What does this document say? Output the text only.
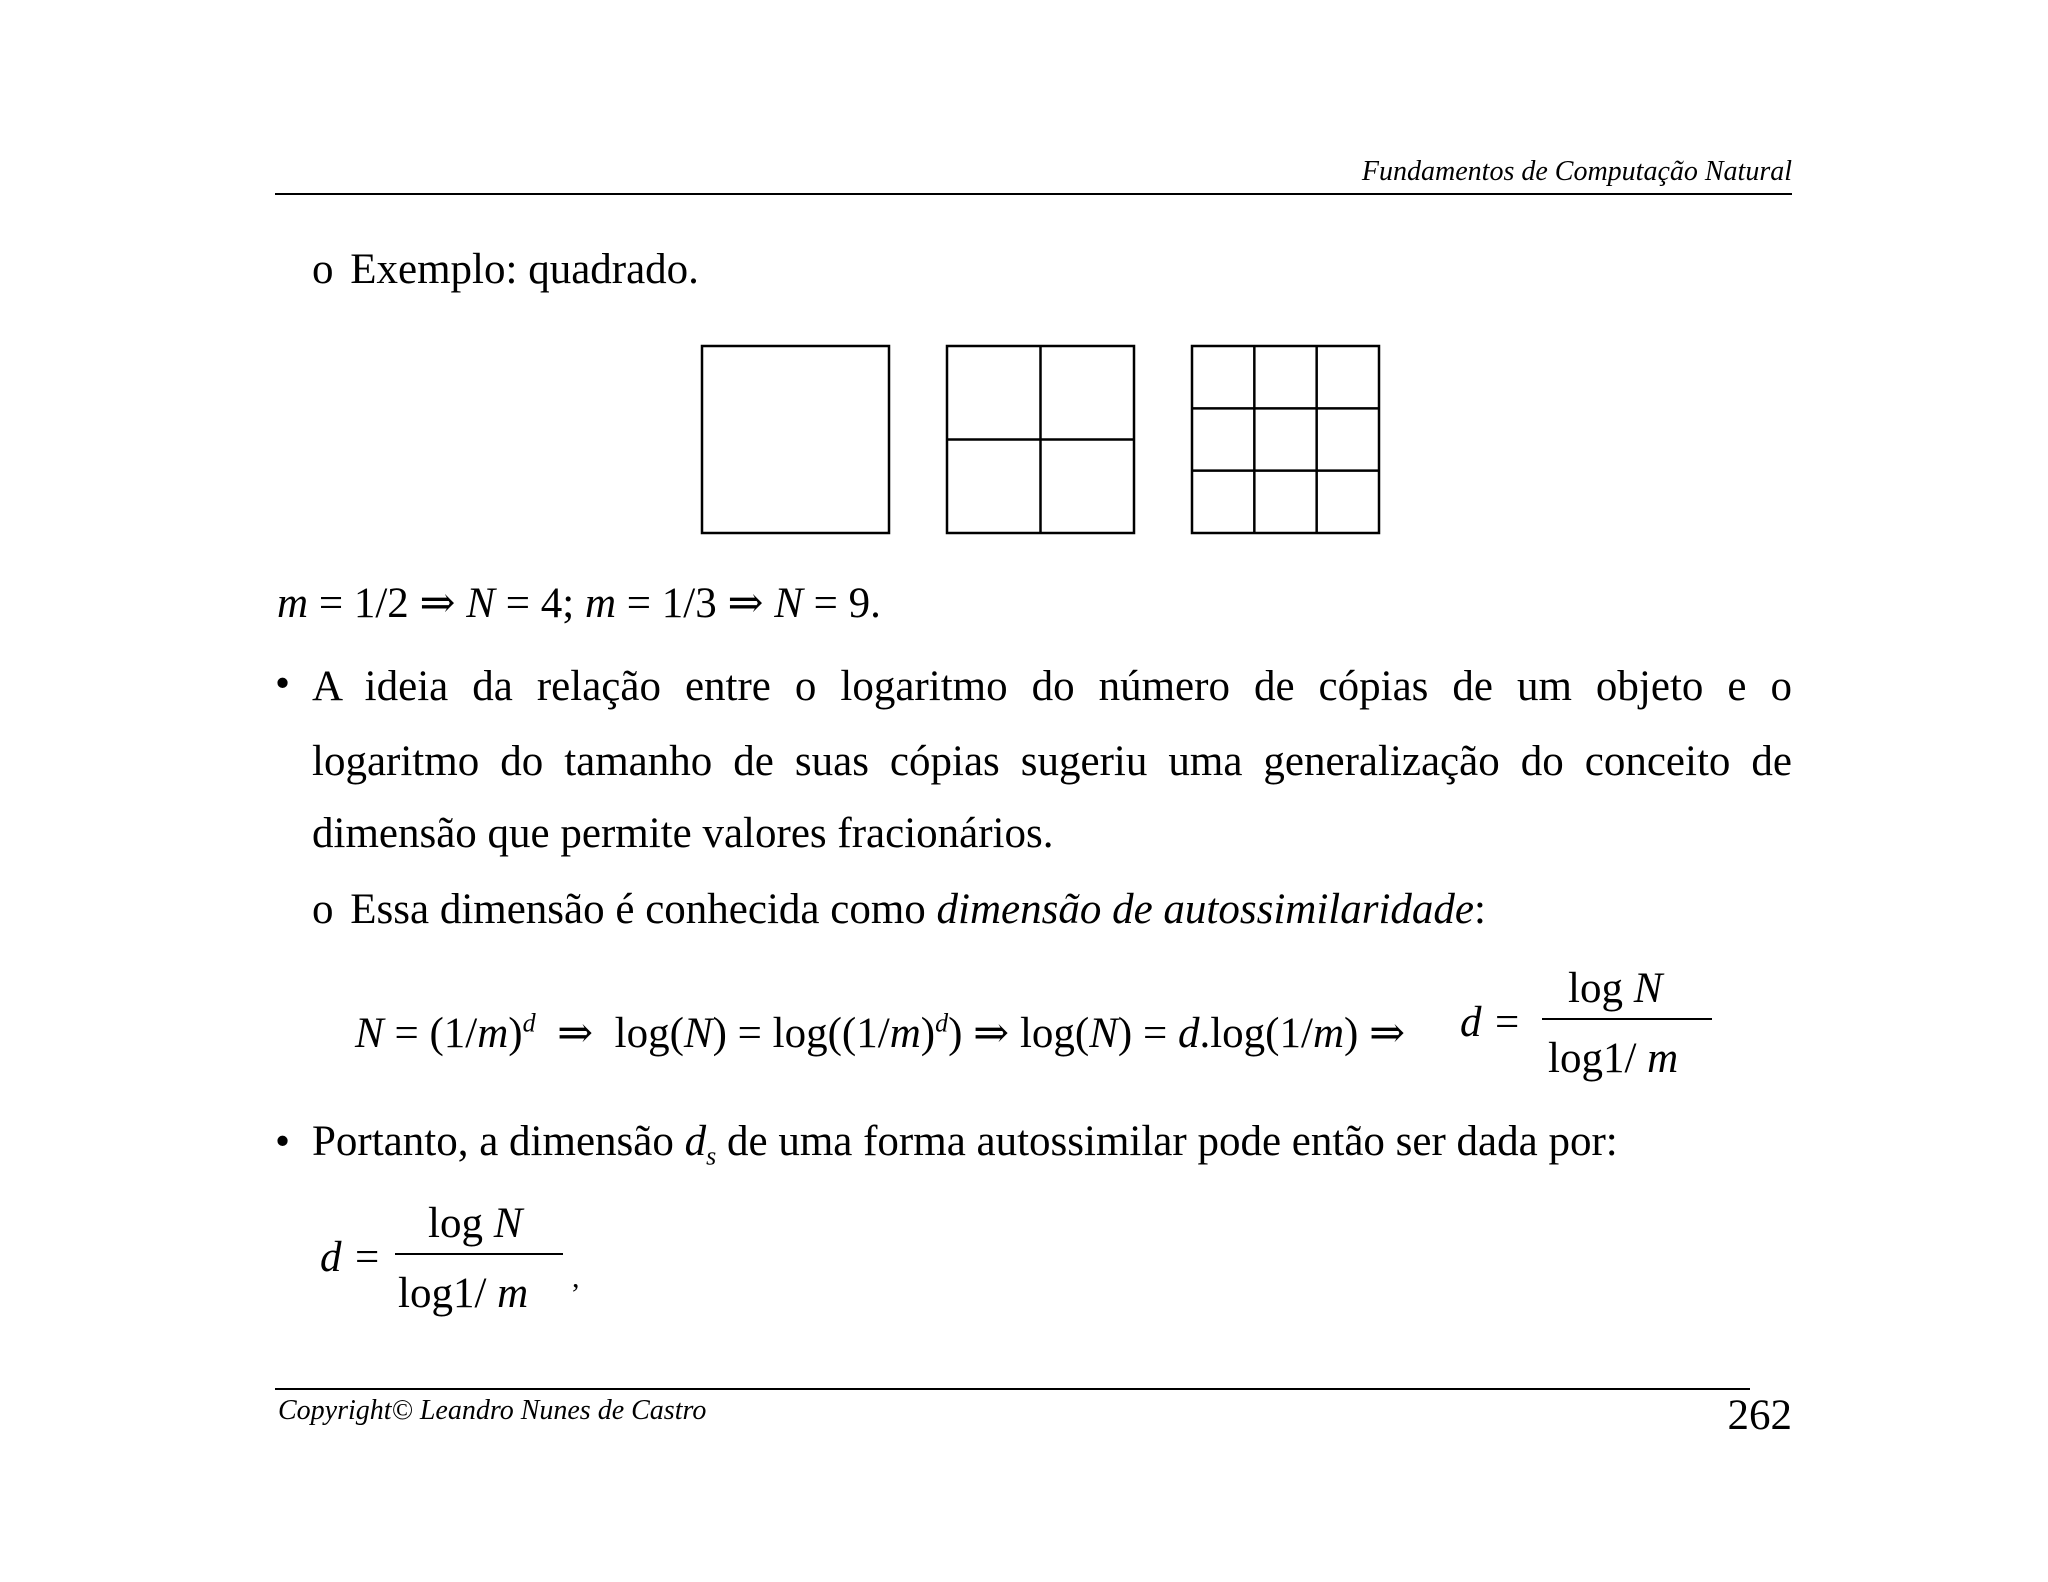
Fundamentos de Computação Natural
o Exemplo: quadrado.
m = 1/2 ⇒ N = 4; m = 1/3 ⇒ N = 9.
• A ideia da relação entre o logaritmo do número de cópias de um objeto e o
logaritmo do tamanho de suas cópias sugeriu uma generalização do conceito de
dimensão que permite valores fracionários.
o Essa dimensão é conhecida como dimensão de autossimilaridade:
$N = (1/m)^d$  ⇒  $\log(N) = \log((1/m)^d)$ ⇒ log(N) = d.log(1/m) ⇒ d =
log N
log1/ m
• Portanto, a dimensão $d_s$ de uma forma autossimilar pode então ser dada por:
d =
log N
log1/ m ,
Copyright© Leandro Nunes de Castro	262
